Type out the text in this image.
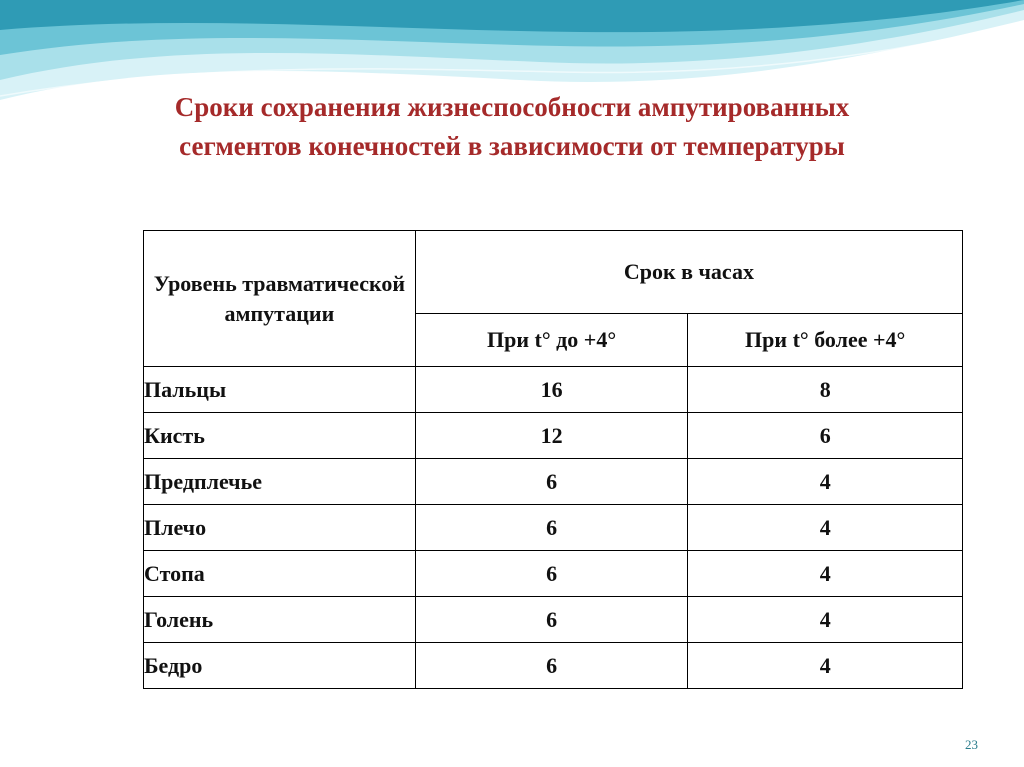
Сроки сохранения жизнеспособности ампутированных
сегментов конечностей в зависимости от температуры
Уровень травматической ампутации	Срок в часах	
	При t° до +4°	При t° более +4°
Пальцы	16	8
Кисть	12	6
Предплечье	6	4
Плечо	6	4
Стопа	6	4
Голень	6	4
Бедро	6	4
23
